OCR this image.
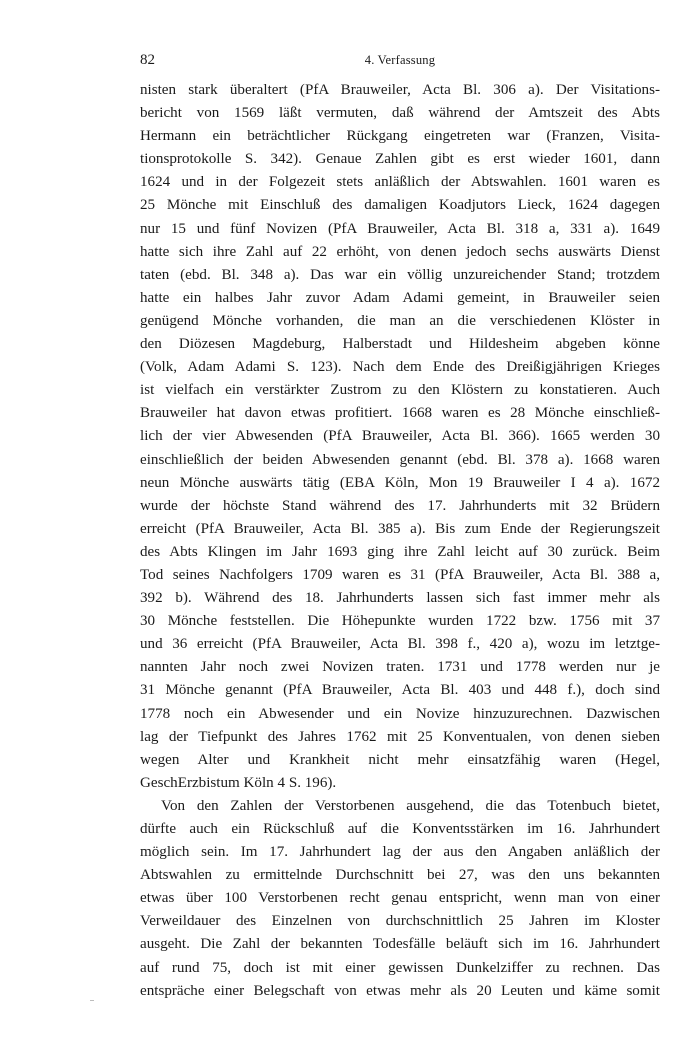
82	4. Verfassung
nisten stark überaltert (PfA Brauweiler, Acta Bl. 306 a). Der Visitations-
bericht von 1569 läßt vermuten, daß während der Amtszeit des Abts
Hermann ein beträchtlicher Rückgang eingetreten war (Franzen, Visita-
tionsprotokolle S. 342). Genaue Zahlen gibt es erst wieder 1601, dann
1624 und in der Folgezeit stets anläßlich der Abtswahlen. 1601 waren es
25 Mönche mit Einschluß des damaligen Koadjutors Lieck, 1624 dagegen
nur 15 und fünf Novizen (PfA Brauweiler, Acta Bl. 318 a, 331 a). 1649
hatte sich ihre Zahl auf 22 erhöht, von denen jedoch sechs auswärts Dienst
taten (ebd. Bl. 348 a). Das war ein völlig unzureichender Stand; trotzdem
hatte ein halbes Jahr zuvor Adam Adami gemeint, in Brauweiler seien
genügend Mönche vorhanden, die man an die verschiedenen Klöster in
den Diözesen Magdeburg, Halberstadt und Hildesheim abgeben könne
(Volk, Adam Adami S. 123). Nach dem Ende des Dreißigjährigen Krieges
ist vielfach ein verstärkter Zustrom zu den Klöstern zu konstatieren. Auch
Brauweiler hat davon etwas profitiert. 1668 waren es 28 Mönche einschließ-
lich der vier Abwesenden (PfA Brauweiler, Acta Bl. 366). 1665 werden 30
einschließlich der beiden Abwesenden genannt (ebd. Bl. 378 a). 1668 waren
neun Mönche auswärts tätig (EBA Köln, Mon 19 Brauweiler I 4 a). 1672
wurde der höchste Stand während des 17. Jahrhunderts mit 32 Brüdern
erreicht (PfA Brauweiler, Acta Bl. 385 a). Bis zum Ende der Regierungszeit
des Abts Klingen im Jahr 1693 ging ihre Zahl leicht auf 30 zurück. Beim
Tod seines Nachfolgers 1709 waren es 31 (PfA Brauweiler, Acta Bl. 388 a,
392 b). Während des 18. Jahrhunderts lassen sich fast immer mehr als
30 Mönche feststellen. Die Höhepunkte wurden 1722 bzw. 1756 mit 37
und 36 erreicht (PfA Brauweiler, Acta Bl. 398 f., 420 a), wozu im letztge-
nannten Jahr noch zwei Novizen traten. 1731 und 1778 werden nur je
31 Mönche genannt (PfA Brauweiler, Acta Bl. 403 und 448 f.), doch sind
1778 noch ein Abwesender und ein Novize hinzuzurechnen. Dazwischen
lag der Tiefpunkt des Jahres 1762 mit 25 Konventualen, von denen sieben
wegen Alter und Krankheit nicht mehr einsatzfähig waren (Hegel,
GeschErzbistum Köln 4 S. 196).
Von den Zahlen der Verstorbenen ausgehend, die das Totenbuch bietet,
dürfte auch ein Rückschluß auf die Konventsstärken im 16. Jahrhundert
möglich sein. Im 17. Jahrhundert lag der aus den Angaben anläßlich der
Abtswahlen zu ermittelnde Durchschnitt bei 27, was den uns bekannten
etwas über 100 Verstorbenen recht genau entspricht, wenn man von einer
Verweildauer des Einzelnen von durchschnittlich 25 Jahren im Kloster
ausgeht. Die Zahl der bekannten Todesfälle beläuft sich im 16. Jahrhundert
auf rund 75, doch ist mit einer gewissen Dunkelziffer zu rechnen. Das
entspräche einer Belegschaft von etwas mehr als 20 Leuten und käme somit
